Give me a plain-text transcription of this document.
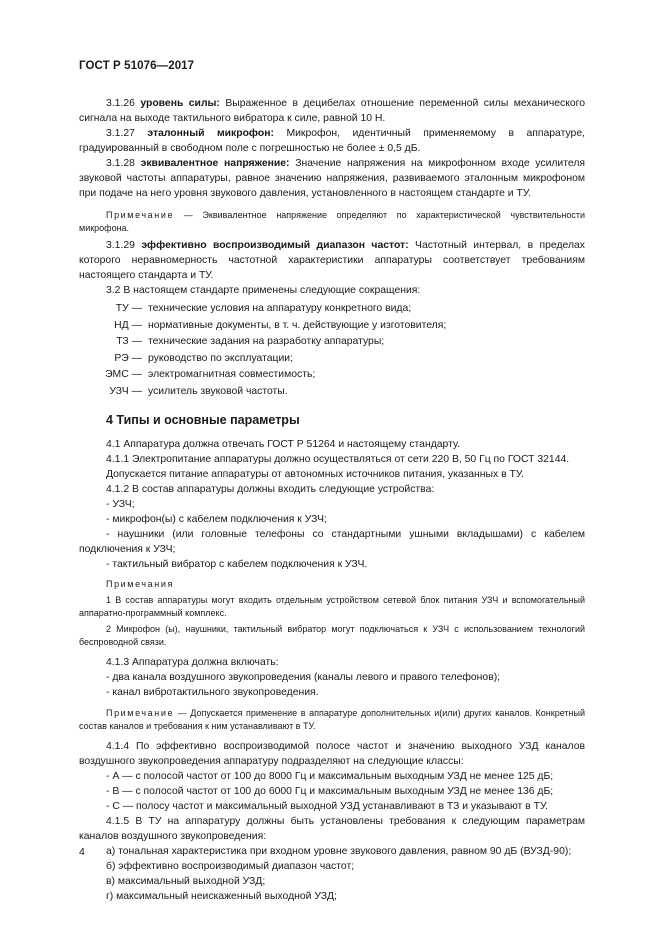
ГОСТ Р 51076—2017

3.1.26 уровень силы: Выраженное в децибелах отношение переменной силы механического сигнала на выходе тактильного вибратора к силе, равной 10 Н.

3.1.27 эталонный микрофон: Микрофон, идентичный применяемому в аппаратуре, градуированный в свободном поле с погрешностью не более ± 0,5 дБ.

3.1.28 эквивалентное напряжение: Значение напряжения на микрофонном входе усилителя звуковой частоты аппаратуры, равное значению напряжения, развиваемого эталонным микрофоном при подаче на него уровня звукового давления, установленного в настоящем стандарте и ТУ.

Примечание — Эквивалентное напряжение определяют по характеристической чувствительности микрофона.

3.1.29 эффективно воспроизводимый диапазон частот: Частотный интервал, в пределах которого неравномерность частотной характеристики аппаратуры соответствует требованиям настоящего стандарта и ТУ.

3.2 В настоящем стандарте применены следующие сокращения:

ТУ — технические условия на аппаратуру конкретного вида;
НД — нормативные документы, в т. ч. действующие у изготовителя;
ТЗ — технические задания на разработку аппаратуры;
РЭ — руководство по эксплуатации;
ЭМС — электромагнитная совместимость;
УЗЧ — усилитель звуковой частоты.
4 Типы и основные параметры

4.1 Аппаратура должна отвечать ГОСТ Р 51264 и настоящему стандарту.

4.1.1 Электропитание аппаратуры должно осуществляться от сети 220 В, 50 Гц по ГОСТ 32144.

Допускается питание аппаратуры от автономных источников питания, указанных в ТУ.

4.1.2 В состав аппаратуры должны входить следующие устройства:

- УЗЧ;

- микрофон(ы) с кабелем подключения к УЗЧ;

- наушники (или головные телефоны со стандартными ушными вкладышами) с кабелем подключения к УЗЧ;

- тактильный вибратор с кабелем подключения к УЗЧ.

Примечания

1 В состав аппаратуры могут входить отдельным устройством сетевой блок питания УЗЧ и вспомогательный аппаратно-программный комплекс.

2 Микрофон (ы), наушники, тактильный вибратор могут подключаться к УЗЧ с использованием технологий беспроводной связи.

4.1.3 Аппаратура должна включать:

- два канала воздушного звукопроведения (каналы левого и правого телефонов);

- канал вибротактильного звукопроведения.

Примечание — Допускается применение в аппаратуре дополнительных и(или) других каналов. Конкретный состав каналов и требования к ним устанавливают в ТУ.

4.1.4 По эффективно воспроизводимой полосе частот и значению выходного УЗД каналов воздушного звукопроведения аппаратуру подразделяют на следующие классы:

- А — с полосой частот от 100 до 8000 Гц и максимальным выходным УЗД не менее 125 дБ;

- В — с полосой частот от 100 до 6000 Гц и максимальным выходным УЗД не менее 136 дБ;

- С — полосу частот и максимальный выходной УЗД устанавливают в ТЗ и указывают в ТУ.

4.1.5 В ТУ на аппаратуру должны быть установлены требования к следующим параметрам каналов воздушного звукопроведения:

а) тональная характеристика при входном уровне звукового давления, равном 90 дБ (ВУЗД-90);

б) эффективно воспроизводимый диапазон частот;

в) максимальный выходной УЗД;

г) максимальный неискаженный выходной УЗД;

4
